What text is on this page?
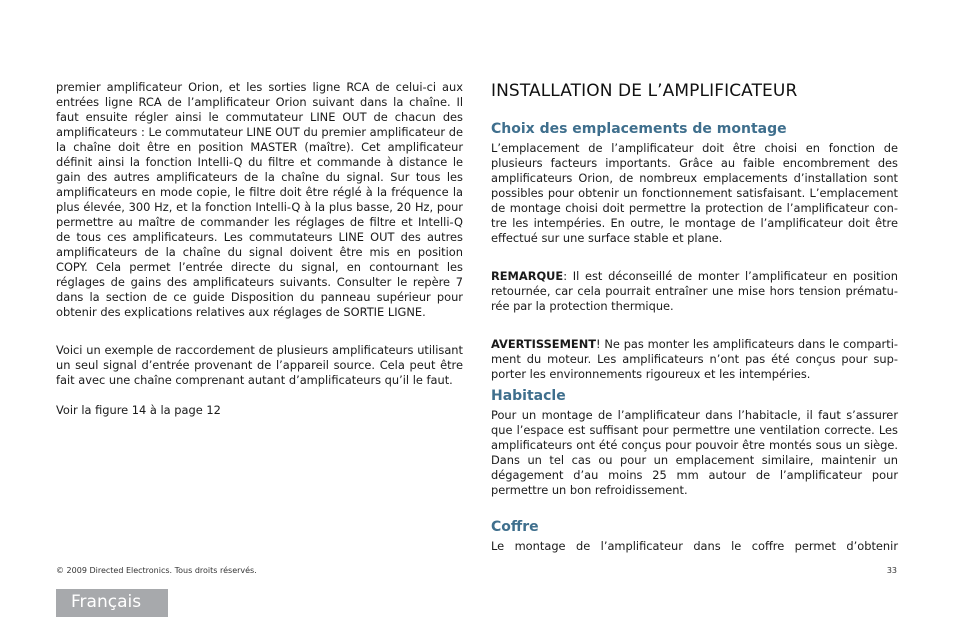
premier amplificateur Orion, et les sorties ligne RCA de celui-ci aux entrées ligne RCA de l’amplificateur Orion suivant dans la chaîne. Il faut ensuite régler ainsi le commutateur LINE OUT de chacun des amplificateurs : Le commutateur LINE OUT du premier amplificateur de la chaîne doit être en position MASTER (maître). Cet amplificateur définit ainsi la fonction Intelli-Q du filtre et commande à distance le gain des autres amplificateurs de la chaîne du signal. Sur tous les amplificateurs en mode copie, le filtre doit être réglé à la fréquence la plus élevée, 300 Hz, et la fonction Intelli-Q à la plus basse, 20 Hz, pour permettre au maître de commander les réglages de filtre et Intelli-Q de tous ces amplificateurs. Les commutateurs LINE OUT des autres amplificateurs de la chaîne du signal doivent être mis en position COPY. Cela permet l’entrée directe du signal, en contournant les réglages de gains des amplificateurs suivants. Consulter le repère 7 dans la section de ce guide Disposition du panneau supérieur pour obtenir des explications relatives aux réglages de SORTIE LIGNE.

Voici un exemple de raccordement de plusieurs amplificateurs utilisant un seul signal d’entrée provenant de l’appareil source. Cela peut être fait avec une chaîne comprenant autant d’amplificateurs qu’il le faut.

Voir la figure 14 à la page 12

INSTALLATION DE L’AMPLIFICATEUR
Choix des emplacements de montage

L’emplacement de l’amplificateur doit être choisi en fonction de plusieurs facteurs importants. Grâce au faible encombrement des amplificateurs Orion, de nombreux emplacements d’installation sont possibles pour obtenir un fonctionnement satisfaisant. L’emplacement de montage choisi doit permettre la protection de l’amplificateur contre les intempéries. En outre, le montage de l’amplificateur doit être effectué sur une surface stable et plane.

REMARQUE: Il est déconseillé de monter l’amplificateur en position retournée, car cela pourrait entraîner une mise hors tension prématurée par la protection thermique.

AVERTISSEMENT! Ne pas monter les amplificateurs dans le compartiment du moteur. Les amplificateurs n’ont pas été conçus pour supporter les environnements rigoureux et les intempéries.

Habitacle

Pour un montage de l’amplificateur dans l’habitacle, il faut s’assurer que l’espace est suffisant pour permettre une ventilation correcte. Les amplificateurs ont été conçus pour pouvoir être montés sous un siège. Dans un tel cas ou pour un emplacement similaire, maintenir un dégagement d’au moins 25 mm autour de l’amplificateur pour permettre un bon refroidissement.

Coffre

Le montage de l’amplificateur dans le coffre permet d’obtenir

© 2009 Directed Electronics. Tous droits réservés.	33
Français
